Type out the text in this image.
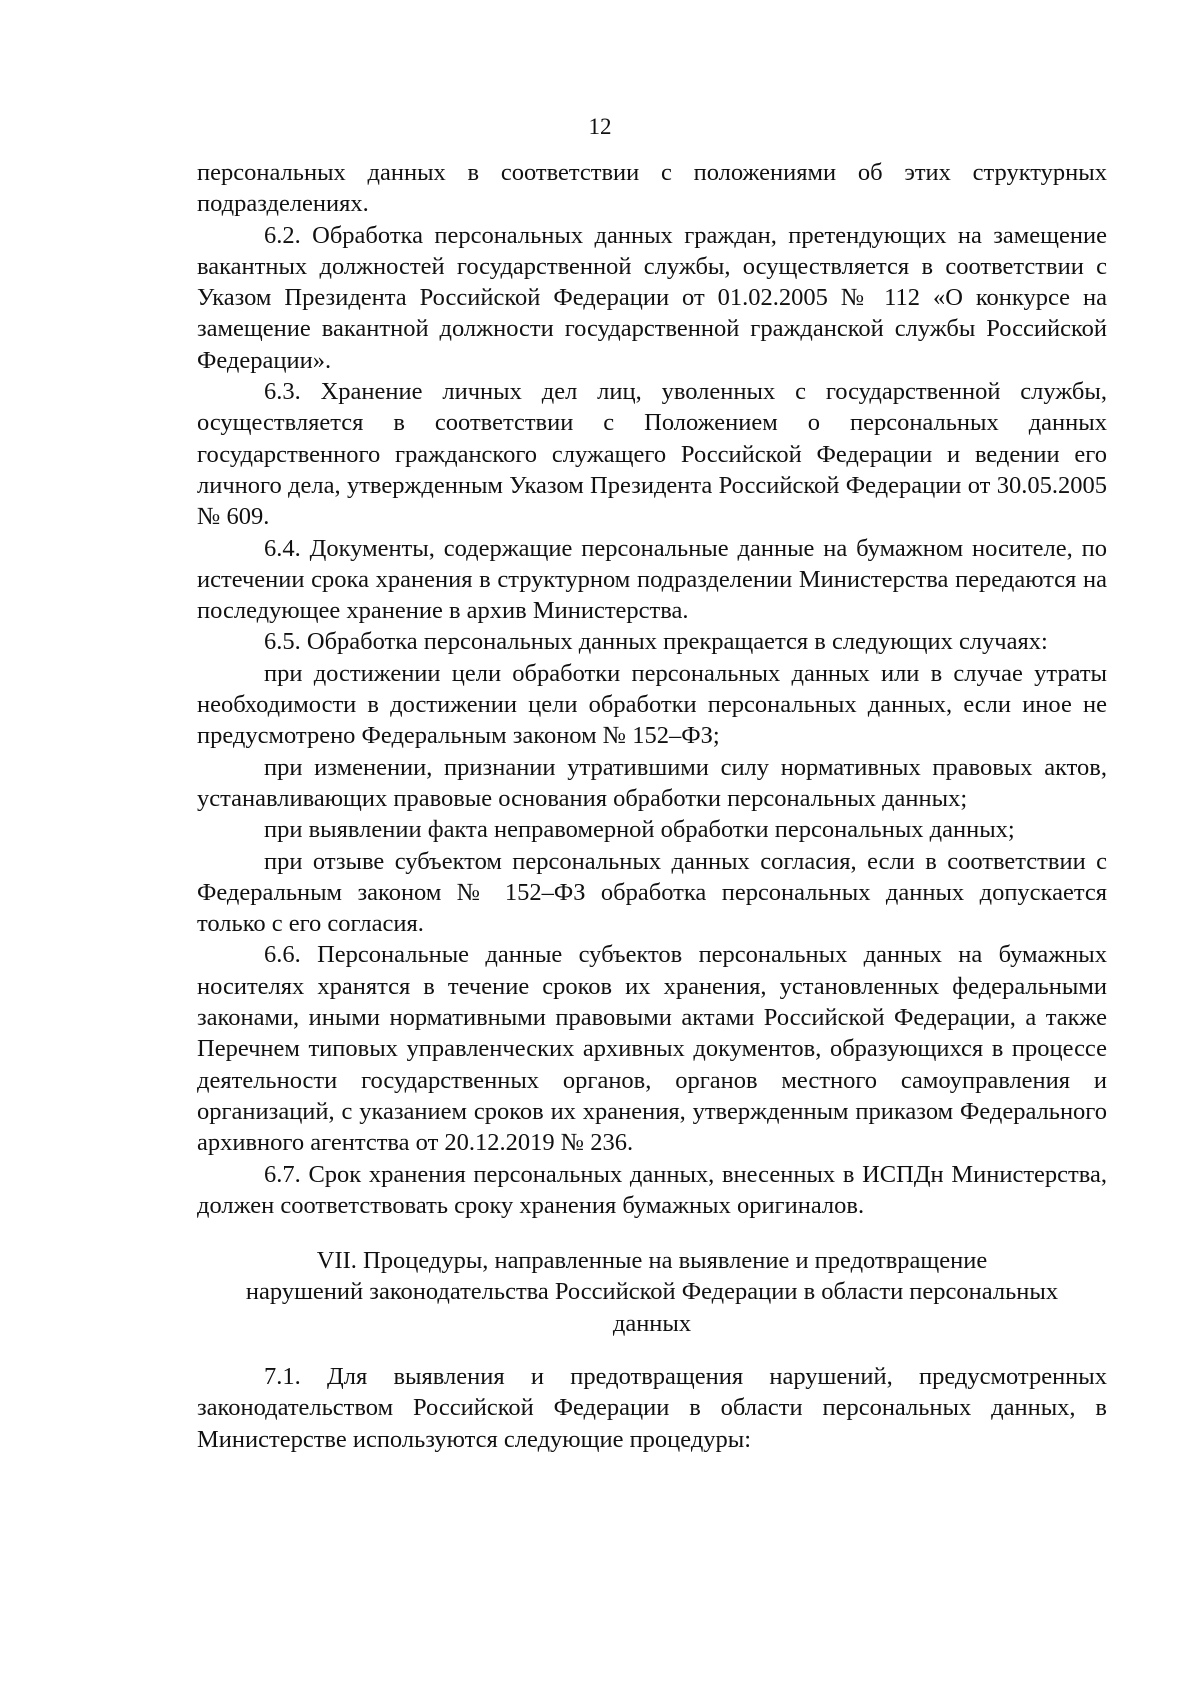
12

персональных данных в соответствии с положениями об этих структурных подразделениях.

6.2. Обработка персональных данных граждан, претендующих на замещение вакантных должностей государственной службы, осуществляется в соответствии с Указом Президента Российской Федерации от 01.02.2005 № 112 «О конкурсе на замещение вакантной должности государственной гражданской службы Российской Федерации».

6.3. Хранение личных дел лиц, уволенных с государственной службы, осуществляется в соответствии с Положением о персональных данных государственного гражданского служащего Российской Федерации и ведении его личного дела, утвержденным Указом Президента Российской Федерации от 30.05.2005 № 609.

6.4. Документы, содержащие персональные данные на бумажном носителе, по истечении срока хранения в структурном подразделении Министерства передаются на последующее хранение в архив Министерства.

6.5. Обработка персональных данных прекращается в следующих случаях:

при достижении цели обработки персональных данных или в случае утраты необходимости в достижении цели обработки персональных данных, если иное не предусмотрено Федеральным законом № 152–ФЗ;

при изменении, признании утратившими силу нормативных правовых актов, устанавливающих правовые основания обработки персональных данных;

при выявлении факта неправомерной обработки персональных данных;

при отзыве субъектом персональных данных согласия, если в соответствии с Федеральным законом № 152–ФЗ обработка персональных данных допускается только с его согласия.

6.6. Персональные данные субъектов персональных данных на бумажных носителях хранятся в течение сроков их хранения, установленных федеральными законами, иными нормативными правовыми актами Российской Федерации, а также Перечнем типовых управленческих архивных документов, образующихся в процессе деятельности государственных органов, органов местного самоуправления и организаций, с указанием сроков их хранения, утвержденным приказом Федерального архивного агентства от 20.12.2019 № 236.

6.7. Срок хранения персональных данных, внесенных в ИСПДн Министерства, должен соответствовать сроку хранения бумажных оригиналов.

VII. Процедуры, направленные на выявление и предотвращение
нарушений законодательства Российской Федерации в области персональных
данных

7.1. Для выявления и предотвращения нарушений, предусмотренных законодательством Российской Федерации в области персональных данных, в Министерстве используются следующие процедуры:
